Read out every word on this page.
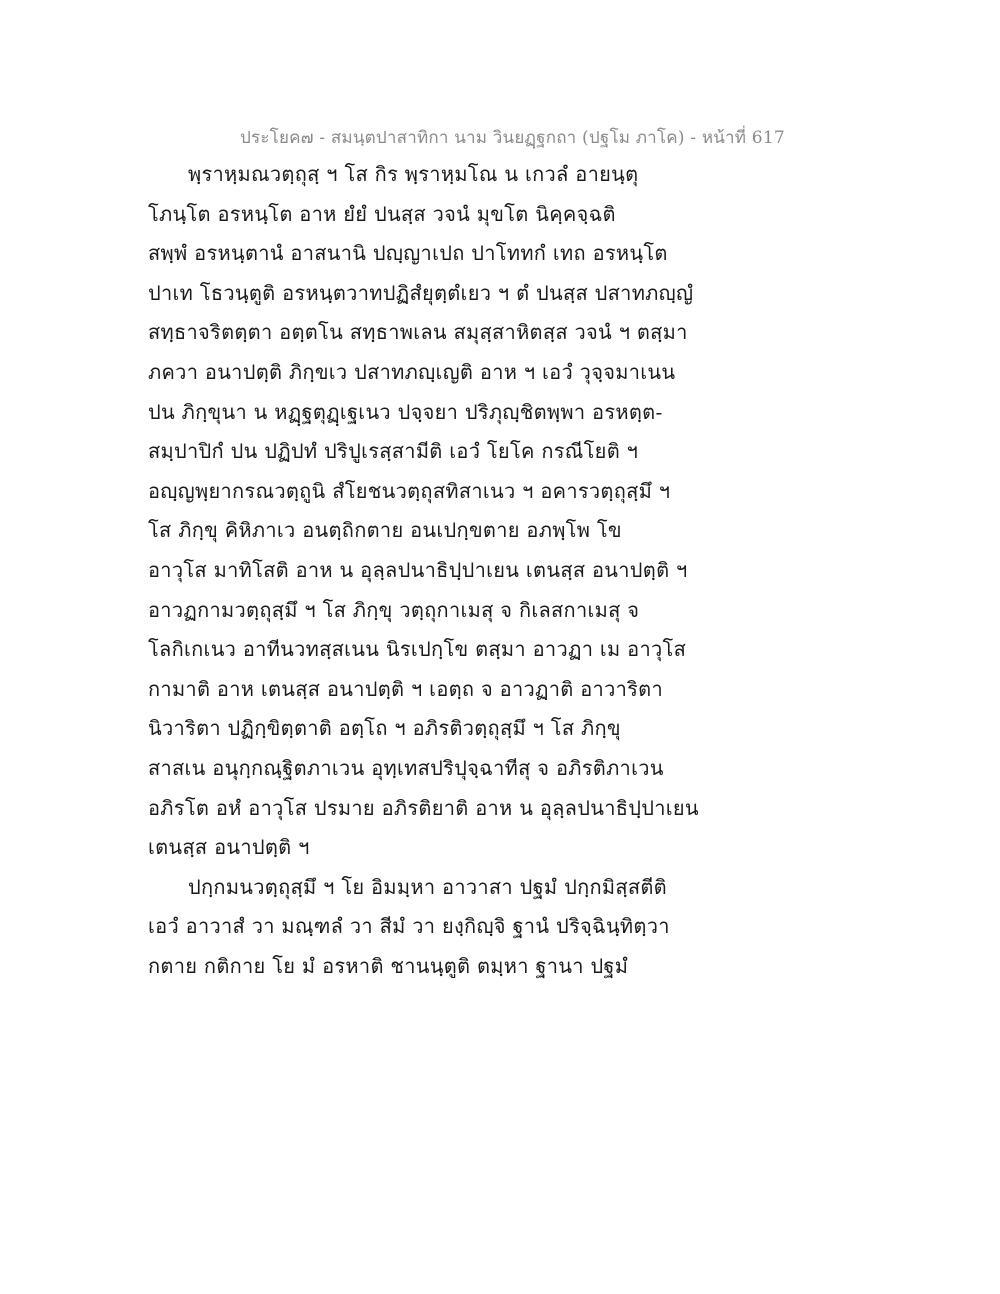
ประโยค๗ - สมนฺตปาสาทิกา นาม วินยฏฺฐกถา (ปฐโม ภาโค) - หน้าที่ 617
พฺราหฺมณวตฺถุสฺ ฯ โส กิร พฺราหฺมโณ น เกวลํ อายนฺตุ
โภนฺโต อรหนฺโต อาห ยํยํ ปนสฺส วจนํ มุขโต นิคฺคจฺฉติ
สพฺพํ อรหนฺตานํ อาสนานิ ปญฺญาเปถ ปาโททกํ เทถ อรหนฺโต
ปาเท โธวนฺตูติ อรหนฺตวาทปฏิสํยุตฺตํเยว ฯ ตํ ปนสฺส ปสาทภญฺญํ
สทฺธาจริตตฺตา อตฺตโน สทฺธาพเลน สมุสฺสาหิตสฺส วจนํ ฯ ตสฺมา
ภควา อนาปตฺติ ภิกฺขเว ปสาทภญฺเญติ อาห ฯ เอวํ วุจฺจมาเนน
ปน ภิกฺขุนา น หฏฺฐตุฏฺเฐเนว ปจฺจยา ปริภุญฺชิตพฺพา อรหตฺต-
สมฺปาปิกํ ปน ปฏิปทํ ปริปูเรสฺสามีติ เอวํ โยโค กรณีโยติ ฯ
อญฺญพฺยากรณวตฺถูนิ สํโยชนวตฺถุสทิสาเนว ฯ อคารวตฺถุสฺมึ ฯ
โส ภิกฺขุ คิหิภาเว อนตฺถิกตาย อนเปกฺขตาย อภพฺโพ โข
อาวุโส มาทิโสติ อาห น อุลฺลปนาธิปฺปาเยน เตนสฺส อนาปตฺติ ฯ
อาวฏกามวตฺถุสฺมึ ฯ โส ภิกฺขุ วตฺถุกาเมสุ จ กิเลสกาเมสุ จ
โลกิเกเนว อาทีนวทสฺสเนน นิรเปกฺโข ตสฺมา อาวฏา เม อาวุโส
กามาติ อาห เตนสฺส อนาปตฺติ ฯ เอตฺถ จ อาวฏาติ อาวาริตา
นิวาริตา ปฏิกฺขิตฺตาติ อตฺโถ ฯ อภิรติวตฺถุสฺมึ ฯ โส ภิกฺขุ
สาสเน อนุกฺกณฺฐิตภาเวน อุทฺเทสปริปุจฺฉาทีสุ จ อภิรติภาเวน
อภิรโต อหํ อาวุโส ปรมาย อภิรติยาติ อาห น อุลฺลปนาธิปฺปาเยน
เตนสฺส อนาปตฺติ ฯ
ปกฺกมนวตฺถุสฺมึ ฯ โย อิมมฺหา อาวาสา ปฐมํ ปกฺกมิสฺสตีติ
เอวํ อาวาสํ วา มณฺฑลํ วา สีมํ วา ยงฺกิญฺจิ ฐานํ ปริจฺฉินฺทิตฺวา
กตาย กติกาย โย มํ อรหาติ ชานนฺตูติ ตมฺหา ฐานา ปฐมํ
